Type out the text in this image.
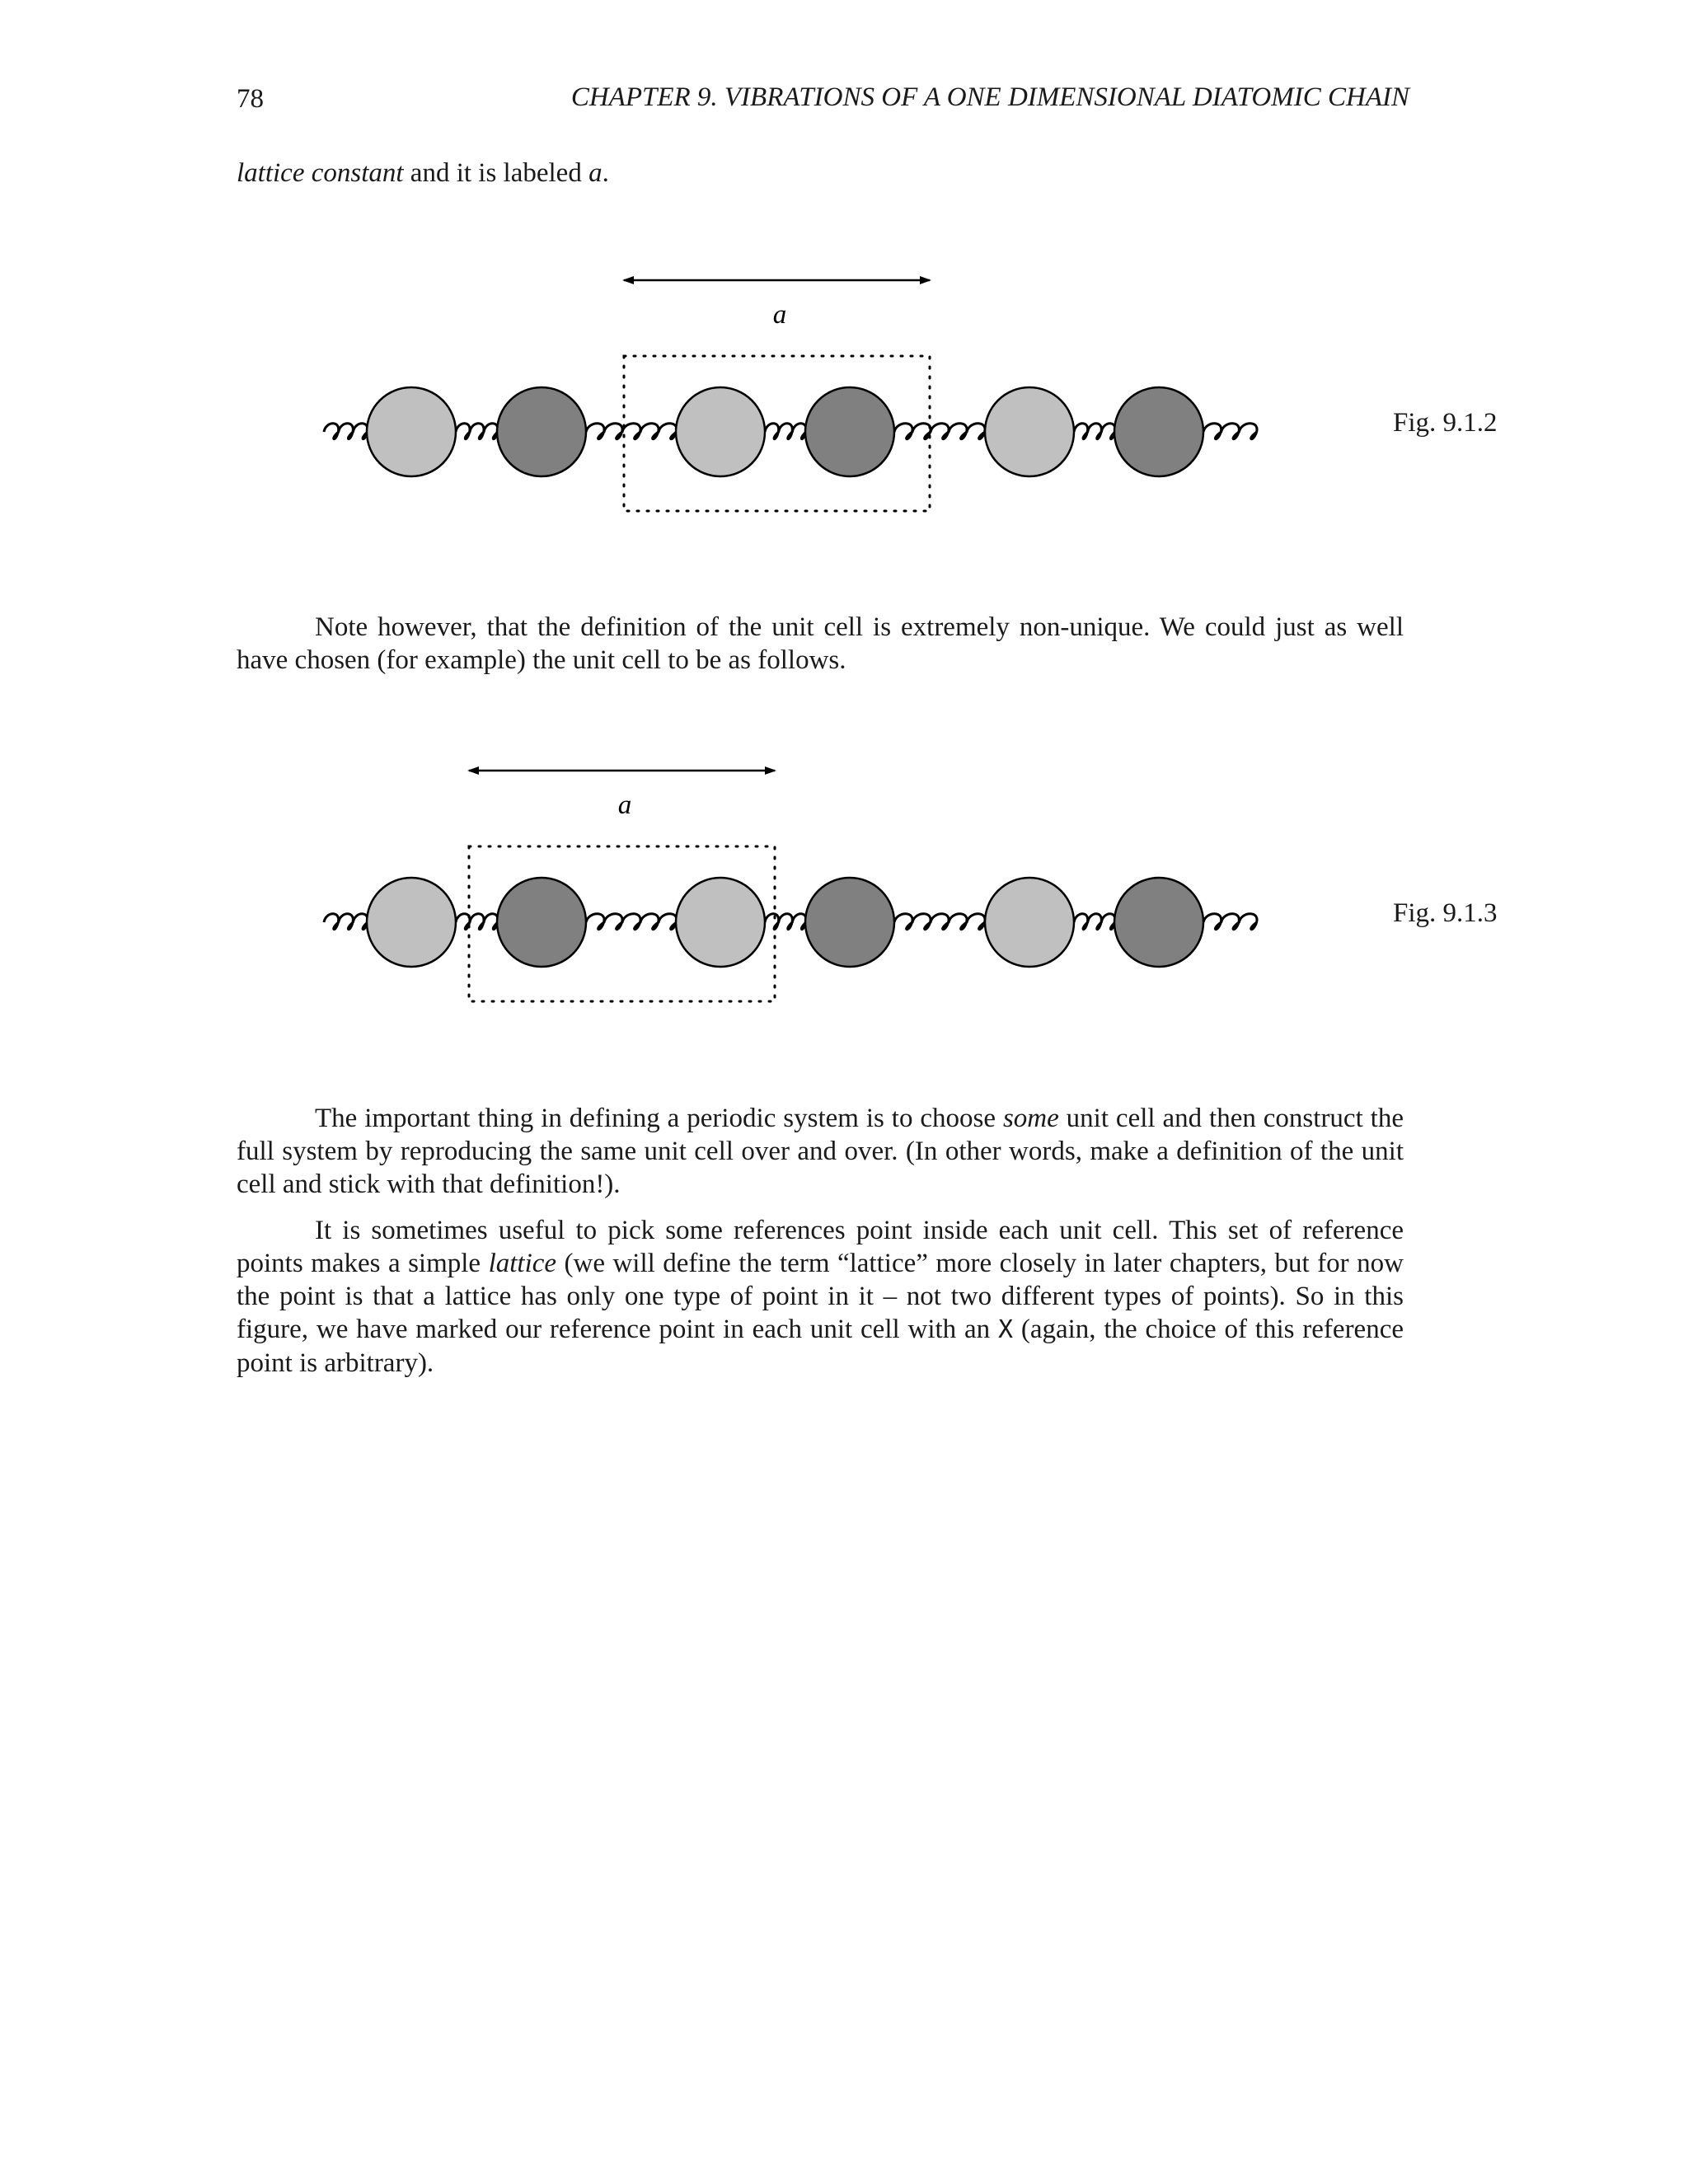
78	CHAPTER 9. VIBRATIONS OF A ONE DIMENSIONAL DIATOMIC CHAIN
lattice constant and it is labeled a.
a
Fig. 9.1.2
Note however, that the definition of the unit cell is extremely non-unique. We could just as well have chosen (for example) the unit cell to be as follows.
a
Fig. 9.1.3
The important thing in defining a periodic system is to choose some unit cell and then construct the full system by reproducing the same unit cell over and over. (In other words, make a definition of the unit cell and stick with that definition!).
It is sometimes useful to pick some references point inside each unit cell. This set of reference points makes a simple lattice (we will define the term “lattice” more closely in later chapters, but for now the point is that a lattice has only one type of point in it – not two different types of points). So in this figure, we have marked our reference point in each unit cell with an X (again, the choice of this reference point is arbitrary).
